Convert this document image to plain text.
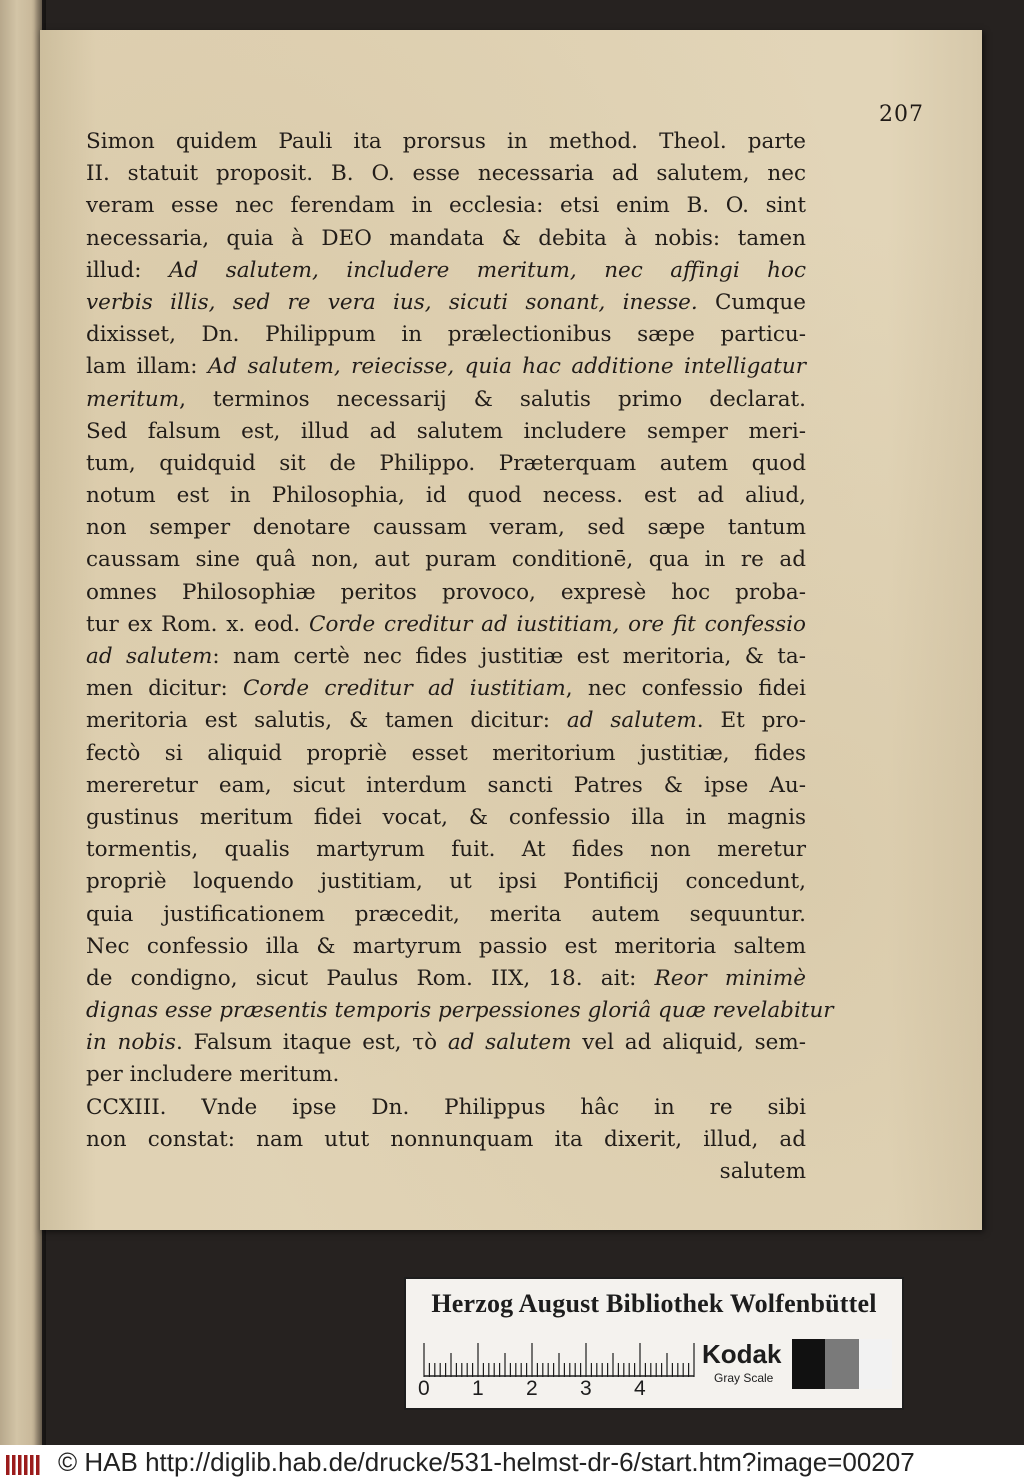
207
Simon quidem Pauli ita prorsus in method. Theol. parte
II. statuit proposit. B. O. esse necessaria ad salutem, nec
veram esse nec ferendam in ecclesia: etsi enim B. O. sint
necessaria, quia à DEO mandata & debita à nobis: tamen
illud: Ad salutem, includere meritum, nec affingi hoc
verbis illis, sed re vera ius, sicuti sonant, inesse. Cumque
dixisset, Dn. Philippum in prælectionibus sæpe particu-
lam illam: Ad salutem, reiecisse, quia hac additione intelligatur
meritum, terminos necessarij & salutis primo declarat.
Sed falsum est, illud ad salutem includere semper meri-
tum, quidquid sit de Philippo. Præterquam autem quod
notum est in Philosophia, id quod necess. est ad aliud,
non semper denotare caussam veram, sed sæpe tantum
caussam sine quâ non, aut puram conditionē, qua in re ad
omnes Philosophiæ peritos provoco, expresè hoc proba-
tur ex Rom. x. eod. Corde creditur ad iustitiam, ore fit confessio
ad salutem: nam certè nec fides justitiæ est meritoria, & ta-
men dicitur: Corde creditur ad iustitiam, nec confessio fidei
meritoria est salutis, & tamen dicitur: ad salutem. Et pro-
fectò si aliquid propriè esset meritorium justitiæ, fides
mereretur eam, sicut interdum sancti Patres & ipse Au-
gustinus meritum fidei vocat, & confessio illa in magnis
tormentis, qualis martyrum fuit. At fides non meretur
propriè loquendo justitiam, ut ipsi Pontificij concedunt,
quia justificationem præcedit, merita autem sequuntur.
Nec confessio illa & martyrum passio est meritoria saltem
de condigno, sicut Paulus Rom. IIX, 18. ait: Reor minimè
dignas esse præsentis temporis perpessiones gloriâ quæ revelabitur
in nobis. Falsum itaque est, τὸ ad salutem vel ad aliquid, sem-
per includere meritum.
CCXIII. Vnde ipse Dn. Philippus hâc in re sibi
non constat: nam utut nonnunquam ita dixerit, illud, ad
salutem
Herzog August Bibliothek Wolfenbüttel
0 1 2 3 4
Kodak
Gray Scale
© HAB http://diglib.hab.de/drucke/531-helmst-dr-6/start.htm?image=00207
